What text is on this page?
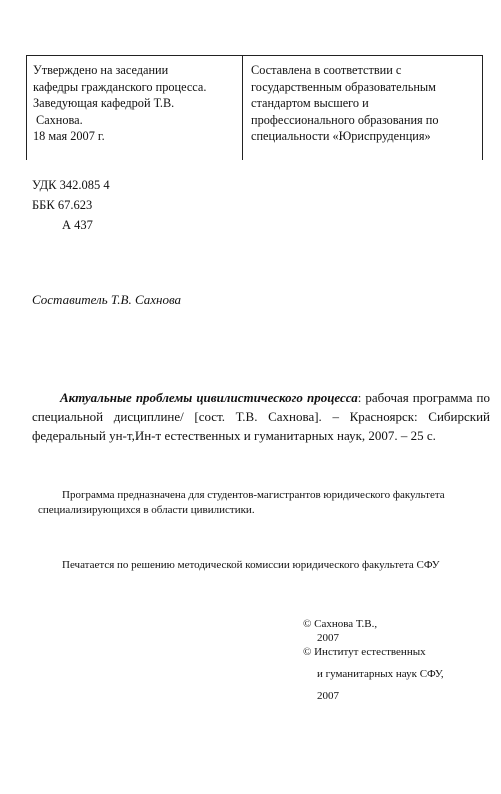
Утверждено на заседании
кафедры гражданского процесса.
Заведующая кафедрой Т.В.
Сахнова.
18 мая 2007 г.
Составлена в соответствии с
государственным образовательным
стандартом высшего и
профессионального образования по
специальности «Юриспруденция»
УДК 342.085 4
ББК 67.623
А 437
Составитель Т.В. Сахнова
Актуальные проблемы цивилистического процесса: рабочая программа по специальной дисциплине/ [сост. Т.В. Сахнова]. – Красноярск: Сибирский федеральный ун-т,Ин-т естественных и гуманитарных наук, 2007. – 25 с.
Программа предназначена для студентов-магистрантов юридического факультета специализирующихся в области цивилистики.
Печатается по решению методической комиссии юридического факультета СФУ
© Сахнова Т.В.,
2007
© Институт естественных
и гуманитарных наук СФУ,
2007
